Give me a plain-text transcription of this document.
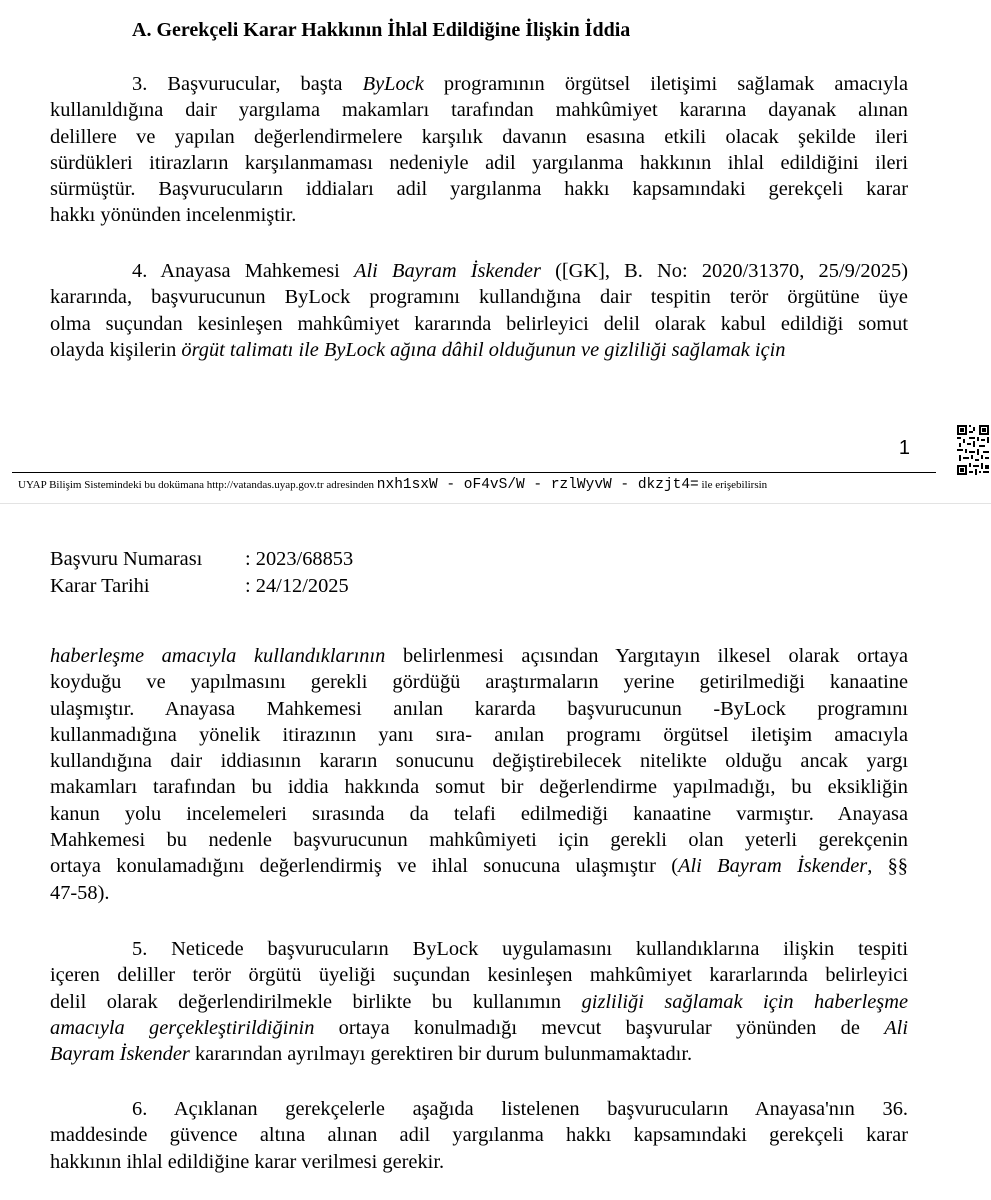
A. Gerekçeli Karar Hakkının İhlal Edildiğine İlişkin İddia
3. Başvurucular, başta ByLock programının örgütsel iletişimi sağlamak amacıyla
kullanıldığına dair yargılama makamları tarafından mahkûmiyet kararına dayanak alınan
delillere ve yapılan değerlendirmelere karşılık davanın esasına etkili olacak şekilde ileri
sürdükleri itirazların karşılanmaması nedeniyle adil yargılanma hakkının ihlal edildiğini ileri
sürmüştür. Başvurucuların iddiaları adil yargılanma hakkı kapsamındaki gerekçeli karar
hakkı yönünden incelenmiştir.
4. Anayasa Mahkemesi Ali Bayram İskender ([GK], B. No: 2020/31370, 25/9/2025)
kararında, başvurucunun ByLock programını kullandığına dair tespitin terör örgütüne üye
olma suçundan kesinleşen mahkûmiyet kararında belirleyici delil olarak kabul edildiği somut
olayda kişilerin örgüt talimatı ile ByLock ağına dâhil olduğunun ve gizliliği sağlamak için
1
UYAP Bilişim Sistemindeki bu dokümana http://vatandas.uyap.gov.tr adresinden nxh1sxW - oF4vS/W - rzlWyvW - dkzjt4= ile erişebilirsin
Başvuru Numarası : 2023/68853
Karar Tarihi	: 24/12/2025
haberleşme amacıyla kullandıklarının belirlenmesi açısından Yargıtayın ilkesel olarak ortaya
koyduğu ve yapılmasını gerekli gördüğü araştırmaların yerine getirilmediği kanaatine
ulaşmıştır. Anayasa Mahkemesi anılan kararda başvurucunun -ByLock programını
kullanmadığına yönelik itirazının yanı sıra- anılan programı örgütsel iletişim amacıyla
kullandığına dair iddiasının kararın sonucunu değiştirebilecek nitelikte olduğu ancak yargı
makamları tarafından bu iddia hakkında somut bir değerlendirme yapılmadığı, bu eksikliğin
kanun yolu incelemeleri sırasında da telafi edilmediği kanaatine varmıştır. Anayasa
Mahkemesi bu nedenle başvurucunun mahkûmiyeti için gerekli olan yeterli gerekçenin
ortaya konulamadığını değerlendirmiş ve ihlal sonucuna ulaşmıştır (Ali Bayram İskender, §§
47-58).
5. Neticede başvurucuların ByLock uygulamasını kullandıklarına ilişkin tespiti
içeren deliller terör örgütü üyeliği suçundan kesinleşen mahkûmiyet kararlarında belirleyici
delil olarak değerlendirilmekle birlikte bu kullanımın gizliliği sağlamak için haberleşme
amacıyla gerçekleştirildiğinin ortaya konulmadığı mevcut başvurular yönünden de Ali
Bayram İskender kararından ayrılmayı gerektiren bir durum bulunmamaktadır.
6. Açıklanan gerekçelerle aşağıda listelenen başvurucuların Anayasa'nın 36.
maddesinde güvence altına alınan adil yargılanma hakkı kapsamındaki gerekçeli karar
hakkının ihlal edildiğine karar verilmesi gerekir.
